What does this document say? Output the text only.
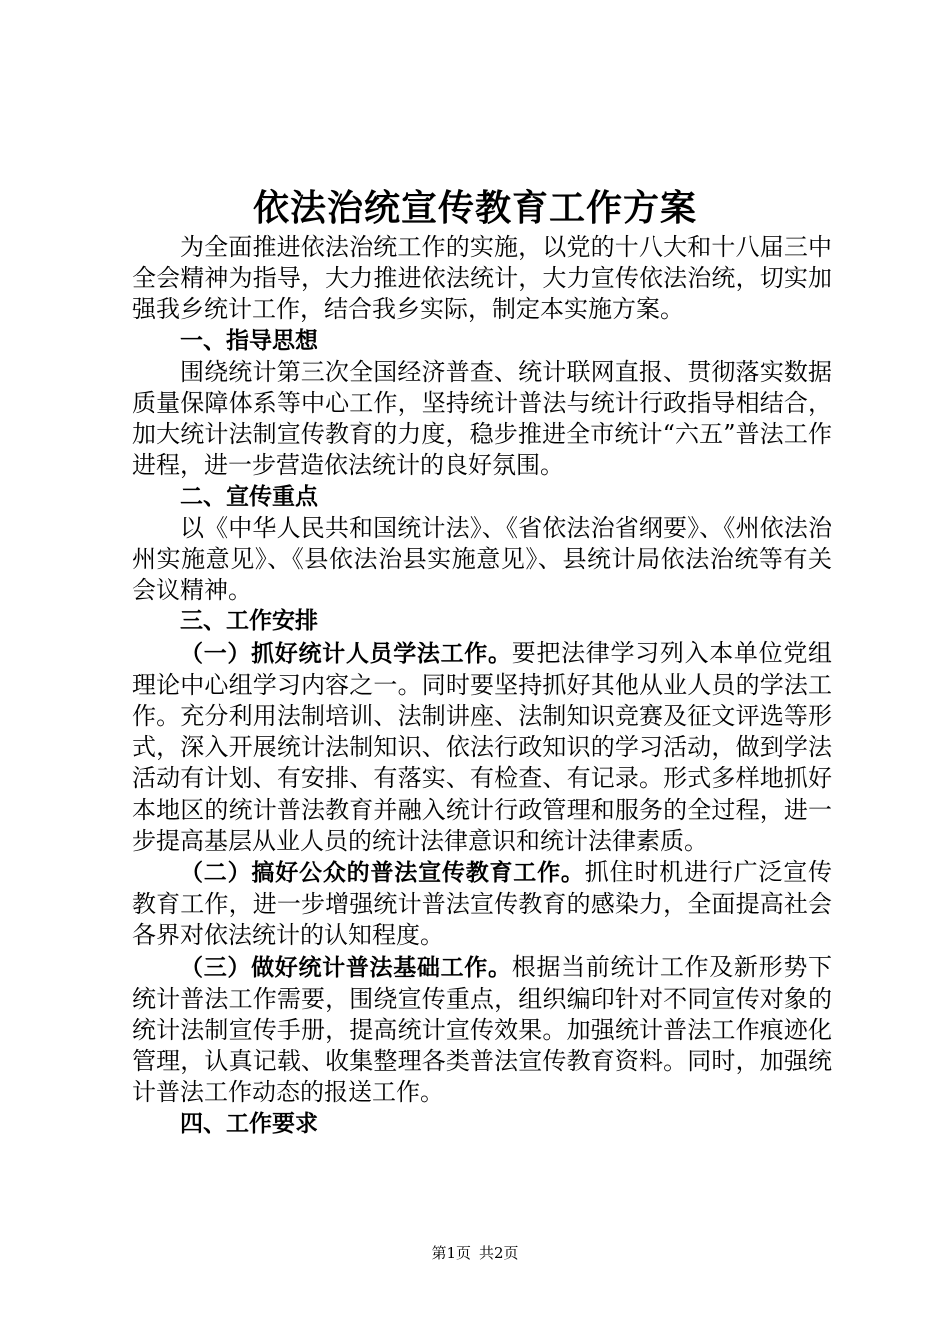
依法治统宣传教育工作方案

为全面推进依法治统工作的实施，以党的十八大和十八届三中全会精神为指导，大力推进依法统计，大力宣传依法治统，切实加强我乡统计工作，结合我乡实际，制定本实施方案。

一、指导思想

围绕统计第三次全国经济普查、统计联网直报、贯彻落实数据质量保障体系等中心工作，坚持统计普法与统计行政指导相结合，加大统计法制宣传教育的力度，稳步推进全市统计“六五”普法工作进程，进一步营造依法统计的良好氛围。

二、宣传重点

以《中华人民共和国统计法》、《省依法治省纲要》、《州依法治州实施意见》、《县依法治县实施意见》、县统计局依法治统等有关会议精神。

三、工作安排

（一）抓好统计人员学法工作。要把法律学习列入本单位党组理论中心组学习内容之一。同时要坚持抓好其他从业人员的学法工作。充分利用法制培训、法制讲座、法制知识竞赛及征文评选等形式，深入开展统计法制知识、依法行政知识的学习活动，做到学法活动有计划、有安排、有落实、有检查、有记录。形式多样地抓好本地区的统计普法教育并融入统计行政管理和服务的全过程，进一步提高基层从业人员的统计法律意识和统计法律素质。

（二）搞好公众的普法宣传教育工作。抓住时机进行广泛宣传教育工作，进一步增强统计普法宣传教育的感染力，全面提高社会各界对依法统计的认知程度。

（三）做好统计普法基础工作。根据当前统计工作及新形势下统计普法工作需要，围绕宣传重点，组织编印针对不同宣传对象的统计法制宣传手册，提高统计宣传效果。加强统计普法工作痕迹化管理，认真记载、收集整理各类普法宣传教育资料。同时，加强统计普法工作动态的报送工作。

四、工作要求

第1页 共2页
